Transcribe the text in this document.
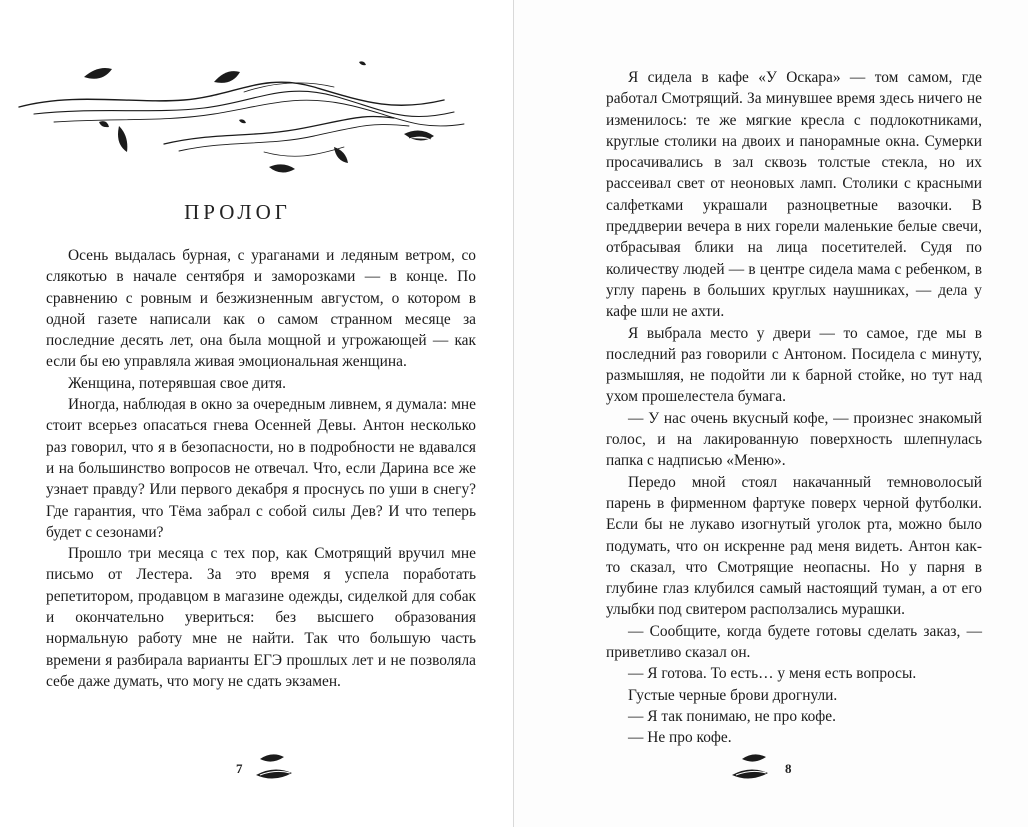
ПРОЛОГ

Осень выдалась бурная, с ураганами и ледяным ветром, со слякотью в начале сентября и заморозками — в конце. По сравнению с ровным и безжизненным августом, о котором в одной газете написали как о самом странном месяце за последние десять лет, она была мощной и угрожающей — как если бы ею управляла живая эмоциональная женщина.

Женщина, потерявшая свое дитя.

Иногда, наблюдая в окно за очередным ливнем, я думала: мне стоит всерьез опасаться гнева Осенней Девы. Антон несколько раз говорил, что я в безопасности, но в подробности не вдавался и на большинство вопросов не отвечал. Что, если Дарина все же узнает правду? Или первого декабря я проснусь по уши в снегу? Где гарантия, что Тёма забрал с собой силы Дев? И что теперь будет с сезонами?

Прошло три месяца с тех пор, как Смотрящий вручил мне письмо от Лестера. За это время я успела поработать репетитором, продавцом в магазине одежды, сиделкой для собак и окончательно увериться: без высшего образования нормальную работу мне не найти. Так что большую часть времени я разбирала варианты ЕГЭ прошлых лет и не позволяла себе даже думать, что могу не сдать экзамен.

7

Я сидела в кафе «У Оскара» — том самом, где работал Смотрящий. За минувшее время здесь ничего не изменилось: те же мягкие кресла с подлокотниками, круглые столики на двоих и панорамные окна. Сумерки просачивались в зал сквозь толстые стекла, но их рассеивал свет от неоновых ламп. Столики с красными салфетками украшали разноцветные вазочки. В преддверии вечера в них горели маленькие белые свечи, отбрасывая блики на лица посетителей. Судя по количеству людей — в центре сидела мама с ребенком, в углу парень в больших круглых наушниках, — дела у кафе шли не ахти.

Я выбрала место у двери — то самое, где мы в последний раз говорили с Антоном. Посидела с минуту, размышляя, не подойти ли к барной стойке, но тут над ухом прошелестела бумага.

— У нас очень вкусный кофе, — произнес знакомый голос, и на лакированную поверхность шлепнулась папка с надписью «Меню».

Передо мной стоял накачанный темноволосый парень в фирменном фартуке поверх черной футболки. Если бы не лукаво изогнутый уголок рта, можно было подумать, что он искренне рад меня видеть. Антон как-то сказал, что Смотрящие неопасны. Но у парня в глубине глаз клубился самый настоящий туман, а от его улыбки под свитером расползались мурашки.

— Сообщите, когда будете готовы сделать заказ, — приветливо сказал он.

— Я готова. То есть… у меня есть вопросы.

Густые черные брови дрогнули.

— Я так понимаю, не про кофе.

— Не про кофе.

8
